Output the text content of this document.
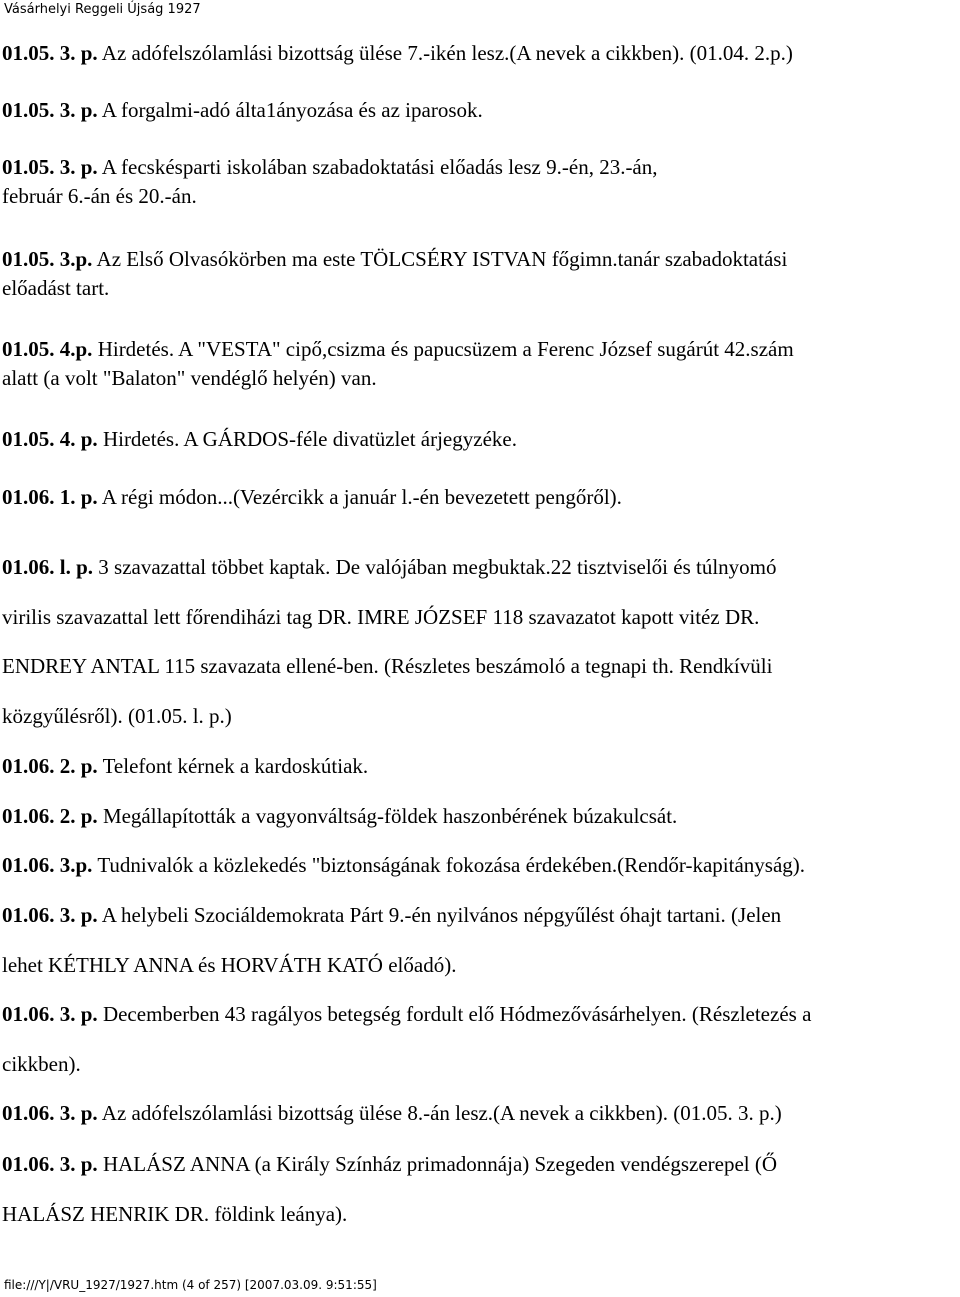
Vásárhelyi Reggeli Újság 1927
01.05. 3. p. Az adófelszólamlási bizottság ülése 7.-ikén lesz.(A nevek a cikkben). (01.04. 2.p.)
01.05. 3. p. A forgalmi-adó álta1ányozása és az iparosok.
01.05. 3. p. A fecskésparti iskolában szabadoktatási előadás lesz 9.-én, 23.-án,
február 6.-án és 20.-án.
01.05. 3.p. Az Első Olvasókörben ma este TÖLCSÉRY ISTVAN főgimn.tanár szabadoktatási
előadást tart.
01.05. 4.p. Hirdetés. A "VESTA" cipő,csizma és papucsüzem a Ferenc József sugárút 42.szám
alatt (a volt "Balaton" vendéglő helyén) van.
01.05. 4. p. Hirdetés. A GÁRDOS-féle divatüzlet árjegyzéke.
01.06. 1. p. A régi módon...(Vezércikk a január l.-én bevezetett pengőről).
01.06. l. p. 3 szavazattal többet kaptak. De valójában megbuktak.22 tisztviselői és túlnyomó
virilis szavazattal lett főrendiházi tag DR. IMRE JÓZSEF 118 szavazatot kapott vitéz DR.
ENDREY ANTAL 115 szavazata ellené-ben. (Részletes beszámoló a tegnapi th. Rendkívüli
közgyűlésről). (01.05. l. p.)
01.06. 2. p. Telefont kérnek a kardoskútiak.
01.06. 2. p. Megállapították a vagyonváltság-földek haszonbérének búzakulcsát.
01.06. 3.p. Tudnivalók a közlekedés "biztonságának fokozása érdekében.(Rendőr-kapitányság).
01.06. 3. p. A helybeli Szociáldemokrata Párt 9.-én nyilvános népgyűlést óhajt tartani. (Jelen
lehet KÉTHLY ANNA és HORVÁTH KATÓ előadó).
01.06. 3. p. Decemberben 43 ragályos betegség fordult elő Hódmezővásárhelyen. (Részletezés a
cikkben).
01.06. 3. p. Az adófelszólamlási bizottság ülése 8.-án lesz.(A nevek a cikkben). (01.05. 3. p.)
01.06. 3. p. HALÁSZ ANNA (a Király Színház primadonnája) Szegeden vendégszerepel (Ő
HALÁSZ HENRIK DR. földink leánya).
file:///Y|/VRU_1927/1927.htm (4 of 257) [2007.03.09. 9:51:55]
